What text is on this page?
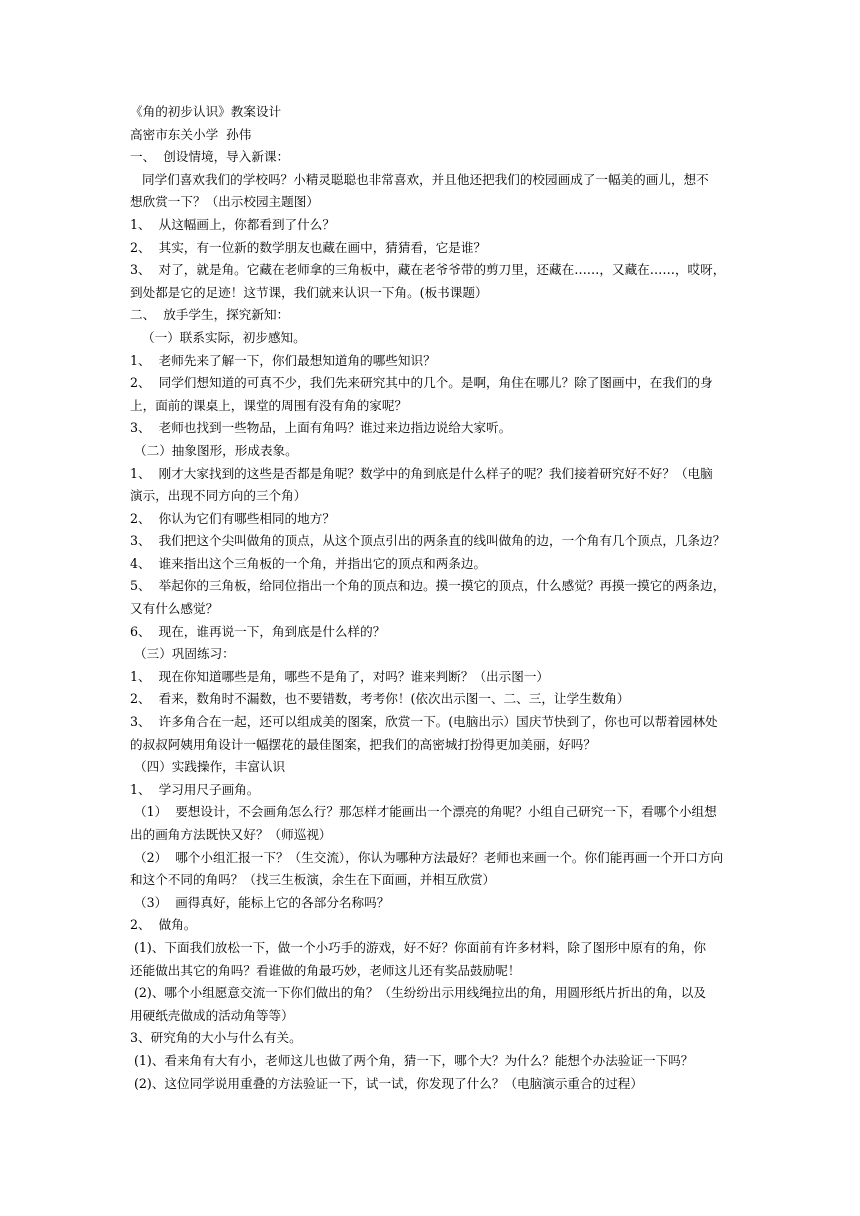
《角的初步认识》教案设计
高密市东关小学  孙伟
一、  创设情境，导入新课：
同学们喜欢我们的学校吗？小精灵聪聪也非常喜欢，并且他还把我们的校园画成了一幅美的画儿，想不
想欣赏一下？（出示校园主题图）
1、  从这幅画上，你都看到了什么？
2、  其实，有一位新的数学朋友也藏在画中，猜猜看，它是谁？
3、  对了，就是角。它藏在老师拿的三角板中，藏在老爷爷带的剪刀里，还藏在……，又藏在……，哎呀，
到处都是它的足迹！这节课，我们就来认识一下角。(板书课题）
二、  放手学生，探究新知：
（一）联系实际，初步感知。
1、  老师先来了解一下，你们最想知道角的哪些知识？
2、  同学们想知道的可真不少，我们先来研究其中的几个。是啊，角住在哪儿？除了图画中，在我们的身
上，面前的课桌上，课堂的周围有没有角的家呢？
3、  老师也找到一些物品，上面有角吗？谁过来边指边说给大家听。
（二）抽象图形，形成表象。
1、  刚才大家找到的这些是否都是角呢？数学中的角到底是什么样子的呢？我们接着研究好不好？（电脑
演示，出现不同方向的三个角）
2、  你认为它们有哪些相同的地方？
3、  我们把这个尖叫做角的顶点，从这个顶点引出的两条直的线叫做角的边，一个角有几个顶点，几条边？
4、  谁来指出这个三角板的一个角，并指出它的顶点和两条边。
5、  举起你的三角板，给同位指出一个角的顶点和边。摸一摸它的顶点，什么感觉？再摸一摸它的两条边，
又有什么感觉？
6、  现在，谁再说一下，角到底是什么样的？
（三）巩固练习：
1、  现在你知道哪些是角，哪些不是角了，对吗？谁来判断？（出示图一）
2、  看来，数角时不漏数，也不要错数，考考你！(依次出示图一、二、三，让学生数角）
3、  许多角合在一起，还可以组成美的图案，欣赏一下。(电脑出示）国庆节快到了，你也可以帮着园林处
的叔叔阿姨用角设计一幅摆花的最佳图案，把我们的高密城打扮得更加美丽，好吗？
（四）实践操作，丰富认识
1、  学习用尺子画角。
（1）  要想设计，不会画角怎么行？那怎样才能画出一个漂亮的角呢？小组自己研究一下，看哪个小组想
出的画角方法既快又好？（师巡视）
（2）  哪个小组汇报一下？（生交流），你认为哪种方法最好？老师也来画一个。你们能再画一个开口方向
和这个不同的角吗？（找三生板演，余生在下面画，并相互欣赏）
（3）  画得真好，能标上它的各部分名称吗？
2、  做角。
(1)、下面我们放松一下，做一个小巧手的游戏，好不好？你面前有许多材料，除了图形中原有的角，你
还能做出其它的角吗？看谁做的角最巧妙，老师这儿还有奖品鼓励呢！
(2)、哪个小组愿意交流一下你们做出的角？（生纷纷出示用线绳拉出的角，用圆形纸片折出的角，以及
用硬纸壳做成的活动角等等）
3、研究角的大小与什么有关。
(1)、看来角有大有小，老师这儿也做了两个角，猜一下，哪个大？为什么？能想个办法验证一下吗？
(2)、这位同学说用重叠的方法验证一下，试一试，你发现了什么？（电脑演示重合的过程）
